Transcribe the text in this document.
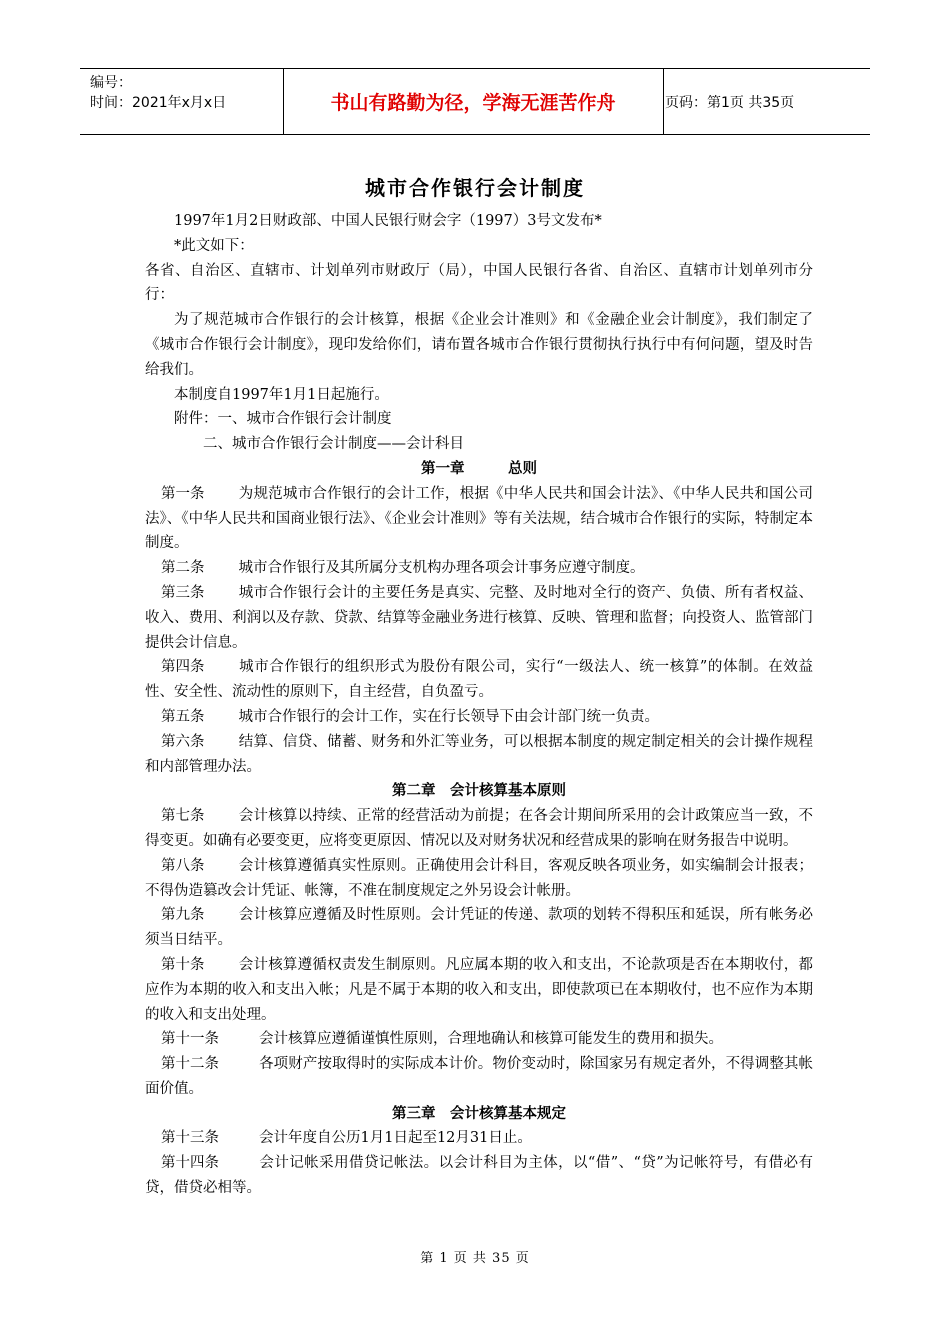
编号：
时间：2021年x月x日	书山有路勤为径，学海无涯苦作舟	页码：第1页 共35页
城市合作银行会计制度

1997年1月2日财政部、中国人民银行财会字（1997）3号文发布*

*此文如下：

各省、自治区、直辖市、计划单列市财政厅（局），中国人民银行各省、自治区、直辖市计划单列市分行：

为了规范城市合作银行的会计核算，根据《企业会计准则》和《金融企业会计制度》，我们制定了《城市合作银行会计制度》，现印发给你们，请布置各城市合作银行贯彻执行执行中有何问题，望及时告给我们。

本制度自1997年1月1日起施行。

附件：一、城市合作银行会计制度

二、城市合作银行会计制度——会计科目

第一章　　　总则

第一条 为规范城市合作银行的会计工作，根据《中华人民共和国会计法》、《中华人民共和国公司法》、《中华人民共和国商业银行法》、《企业会计准则》等有关法规，结合城市合作银行的实际，特制定本制度。

第二条 城市合作银行及其所属分支机构办理各项会计事务应遵守制度。

第三条 城市合作银行会计的主要任务是真实、完整、及时地对全行的资产、负债、所有者权益、收入、费用、利润以及存款、贷款、结算等金融业务进行核算、反映、管理和监督；向投资人、监管部门提供会计信息。

第四条 城市合作银行的组织形式为股份有限公司，实行“一级法人、统一核算”的体制。在效益性、安全性、流动性的原则下，自主经营，自负盈亏。

第五条 城市合作银行的会计工作，实在行长领导下由会计部门统一负责。

第六条 结算、信贷、储蓄、财务和外汇等业务，可以根据本制度的规定制定相关的会计操作规程和内部管理办法。

第二章　会计核算基本原则

第七条 会计核算以持续、正常的经营活动为前提；在各会计期间所采用的会计政策应当一致，不得变更。如确有必要变更，应将变更原因、情况以及对财务状况和经营成果的影响在财务报告中说明。

第八条 会计核算遵循真实性原则。正确使用会计科目，客观反映各项业务，如实编制会计报表；不得伪造篡改会计凭证、帐簿，不准在制度规定之外另设会计帐册。

第九条 会计核算应遵循及时性原则。会计凭证的传递、款项的划转不得积压和延误，所有帐务必须当日结平。

第十条 会计核算遵循权责发生制原则。凡应属本期的收入和支出，不论款项是否在本期收付，都应作为本期的收入和支出入帐；凡是不属于本期的收入和支出，即使款项已在本期收付，也不应作为本期的收入和支出处理。

第十一条	会计核算应遵循谨慎性原则，合理地确认和核算可能发生的费用和损失。

第十二条	各项财产按取得时的实际成本计价。物价变动时，除国家另有规定者外，不得调整其帐面价值。

第三章　会计核算基本规定

第十三条	会计年度自公历1月1日起至12月31日止。

第十四条	会计记帐采用借贷记帐法。以会计科目为主体，以“借”、“贷”为记帐符号，有借必有贷，借贷必相等。

第 1 页 共 35 页
